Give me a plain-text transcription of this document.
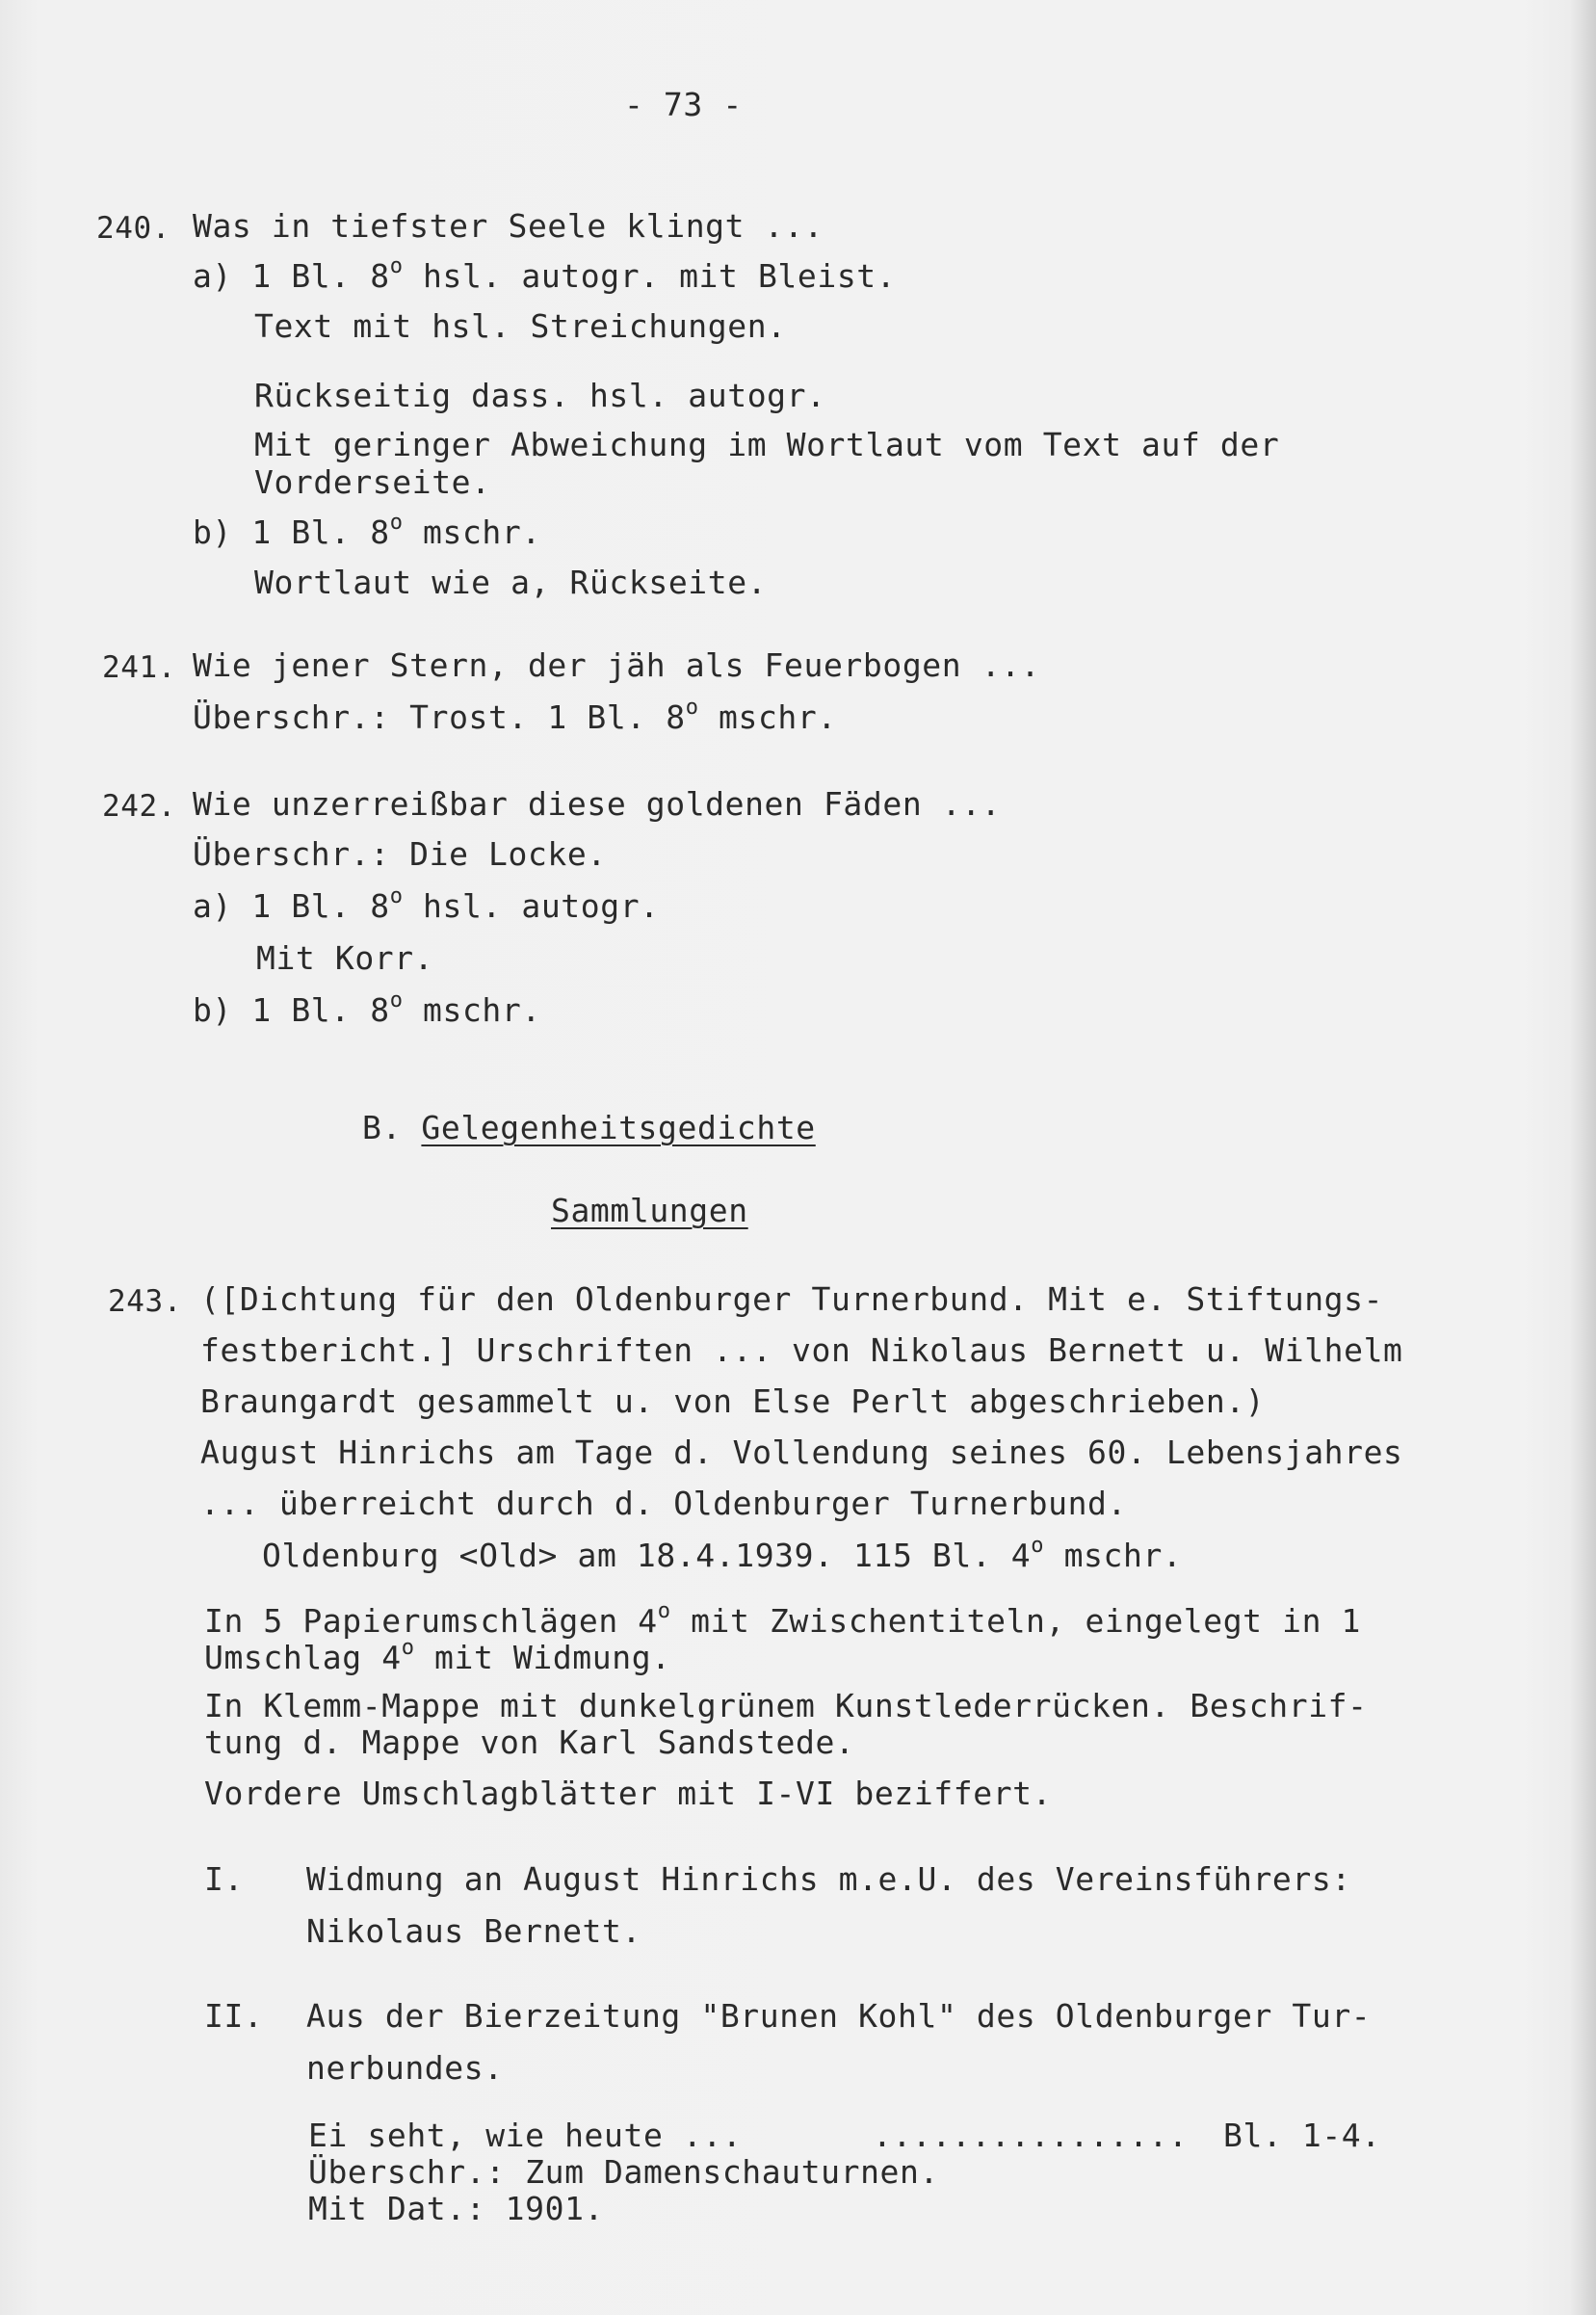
- 73 -
240. Was in tiefster Seele klingt ...
a) 1 Bl. 8$^o$ hsl. autogr. mit Bleist.
Text mit hsl. Streichungen.
Rückseitig dass. hsl. autogr.
Mit geringer Abweichung im Wortlaut vom Text auf der
Vorderseite.
b) 1 Bl. 8$^o$ mschr.
Wortlaut wie a, Rückseite.
241. Wie jener Stern, der jäh als Feuerbogen ...
Überschr.: Trost. 1 Bl. 8$^o$ mschr.
242. Wie unzerreißbar diese goldenen Fäden ...
Überschr.: Die Locke.
a) 1 Bl. 8$^o$ hsl. autogr.
Mit Korr.
b) 1 Bl. 8$^o$ mschr.
B. Gelegenheitsgedichte
Sammlungen
243. ([Dichtung für den Oldenburger Turnerbund. Mit e. Stiftungs-
festbericht.] Urschriften ... von Nikolaus Bernett u. Wilhelm
Braungardt gesammelt u. von Else Perlt abgeschrieben.)
August Hinrichs am Tage d. Vollendung seines 60. Lebensjahres
... überreicht durch d. Oldenburger Turnerbund.
Oldenburg <Old> am 18.4.1939. 115 Bl. 4$^o$ mschr.
In 5 Papierumschlägen 4$^o$ mit Zwischentiteln, eingelegt in 1
Umschlag 4$^o$ mit Widmung.
In Klemm-Mappe mit dunkelgrünem Kunstlederrücken. Beschrif-
tung d. Mappe von Karl Sandstede.
Vordere Umschlagblätter mit I-VI beziffert.
I. Widmung an August Hinrichs m.e.U. des Vereinsführers:
Nikolaus Bernett.
II. Aus der Bierzeitung "Brunen Kohl" des Oldenburger Tur-
nerbundes.
Ei seht, wie heute ...	................ Bl. 1-4.
Überschr.: Zum Damenschauturnen.
Mit Dat.: 1901.
